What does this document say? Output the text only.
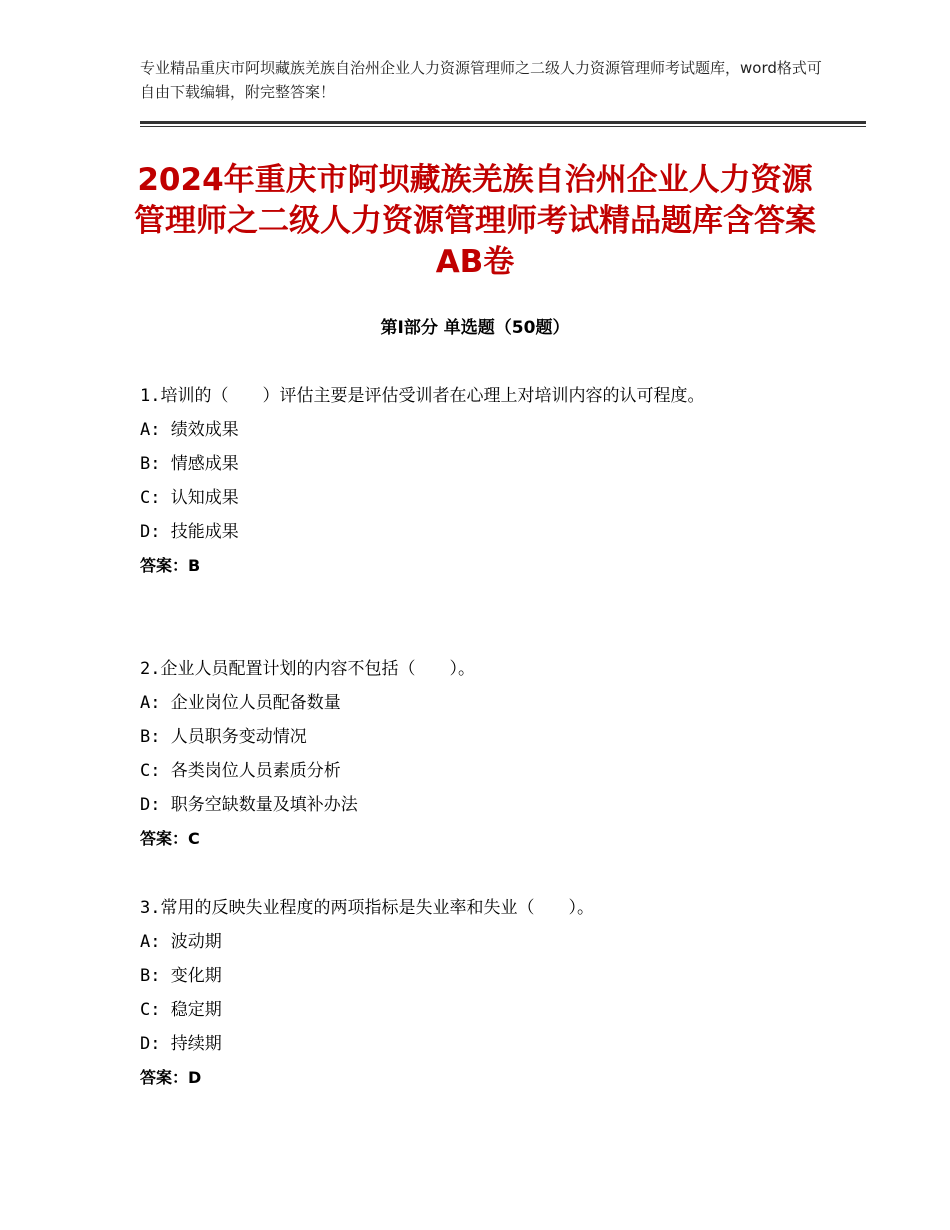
专业精品重庆市阿坝藏族羌族自治州企业人力资源管理师之二级人力资源管理师考试题库，word格式可自由下载编辑，附完整答案！
2024年重庆市阿坝藏族羌族自治州企业人力资源管理师之二级人力资源管理师考试精品题库含答案AB卷
第Ⅰ部分 单选题（50题）
1.培训的（　　）评估主要是评估受训者在心理上对培训内容的认可程度。
A: 绩效成果
B: 情感成果
C: 认知成果
D: 技能成果
答案：B
2.企业人员配置计划的内容不包括（　　）。
A: 企业岗位人员配备数量
B: 人员职务变动情况
C: 各类岗位人员素质分析
D: 职务空缺数量及填补办法
答案：C
3.常用的反映失业程度的两项指标是失业率和失业（　　）。
A: 波动期
B: 变化期
C: 稳定期
D: 持续期
答案：D
